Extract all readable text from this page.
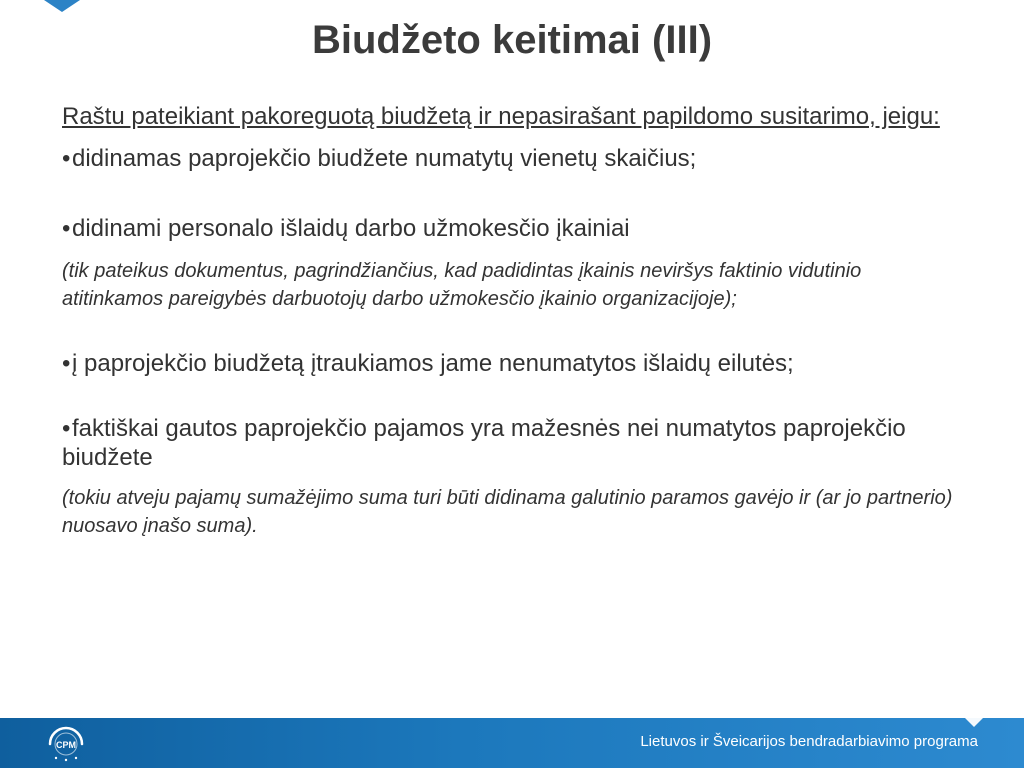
Biudžeto keitimai (III)

Raštu pateikiant pakoreguotą biudžetą ir nepasirašant papildomo susitarimo, jeigu:

•didinamas paprojekčio biudžete numatytų vienetų skaičius;

•didinami personalo išlaidų darbo užmokesčio įkainiai

(tik pateikus dokumentus, pagrindžiančius, kad padidintas įkainis neviršys faktinio vidutinio atitinkamos pareigybės darbuotojų darbo užmokesčio įkainio organizacijoje);

•į paprojekčio biudžetą įtraukiamos jame nenumatytos išlaidų eilutės;

•faktiškai gautos paprojekčio pajamos yra mažesnės nei numatytos paprojekčio biudžete

(tokiu atveju pajamų sumažėjimo suma turi būti didinama galutinio paramos gavėjo ir (ar jo partnerio) nuosavo įnašo suma).

CPM	Lietuvos ir Šveicarijos bendradarbiavimo programa
